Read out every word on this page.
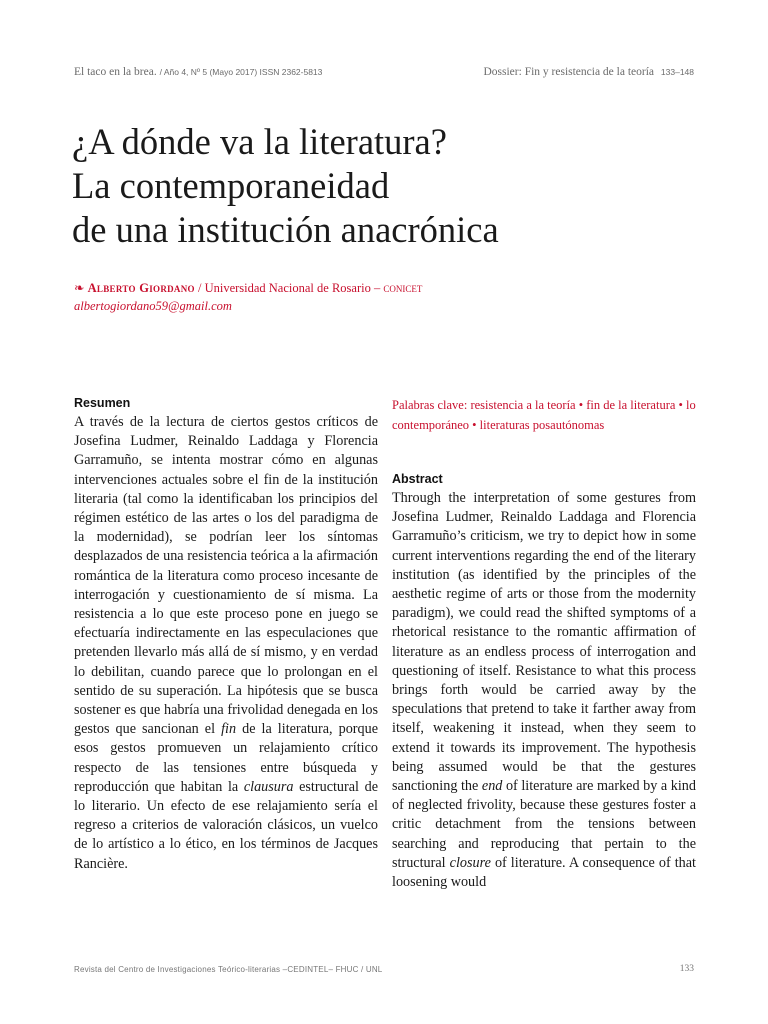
El taco en la brea. / Año 4, Nº 5 (Mayo 2017) ISSN 2362-5813	Dossier: Fin y resistencia de la teoría 133–148
¿A dónde va la literatura?
La contemporaneidad
de una institución anacrónica
❧ Alberto Giordano / Universidad Nacional de Rosario – conicet
albertogiordano59@gmail.com
Resumen
A través de la lectura de ciertos gestos críticos de Josefina Ludmer, Reinaldo Laddaga y Florencia Garramuño, se intenta mostrar cómo en algunas intervenciones actuales sobre el fin de la institución literaria (tal como la identificaban los principios del régimen estético de las artes o los del paradigma de la modernidad), se podrían leer los síntomas desplazados de una resistencia teórica a la afirmación romántica de la literatura como proceso incesante de interrogación y cuestionamiento de sí misma. La resistencia a lo que este proceso pone en juego se efectuaría indirectamente en las especulaciones que pretenden llevarlo más allá de sí mismo, y en verdad lo debilitan, cuando parece que lo prolongan en el sentido de su superación. La hipótesis que se busca sostener es que habría una frivolidad denegada en los gestos que sancionan el fin de la literatura, porque esos gestos promueven un relajamiento crítico respecto de las tensiones entre búsqueda y reproducción que habitan la clausura estructural de lo literario. Un efecto de ese relajamiento sería el regreso a criterios de valoración clásicos, un vuelco de lo artístico a lo ético, en los términos de Jacques Rancière.
Palabras clave: resistencia a la teoría • fin de la literatura • lo contemporáneo • literaturas posautónomas
Abstract
Through the interpretation of some gestures from Josefina Ludmer, Reinaldo Laddaga and Florencia Garramuño’s criticism, we try to depict how in some current interventions regarding the end of the literary institution (as identified by the principles of the aesthetic regime of arts or those from the modernity paradigm), we could read the shifted symptoms of a rhetorical resistance to the romantic affirmation of literature as an endless process of interrogation and questioning of itself. Resistance to what this process brings forth would be carried away by the speculations that pretend to take it farther away from itself, weakening it instead, when they seem to extend it towards its improvement. The hypothesis being assumed would be that the gestures sanctioning the end of literature are marked by a kind of neglected frivolity, because these gestures foster a critic detachment from the tensions between searching and reproducing that pertain to the structural closure of literature. A consequence of that loosening would
Revista del Centro de Investigaciones Teórico-literarias –CEDINTEL– FHUC / UNL	133
